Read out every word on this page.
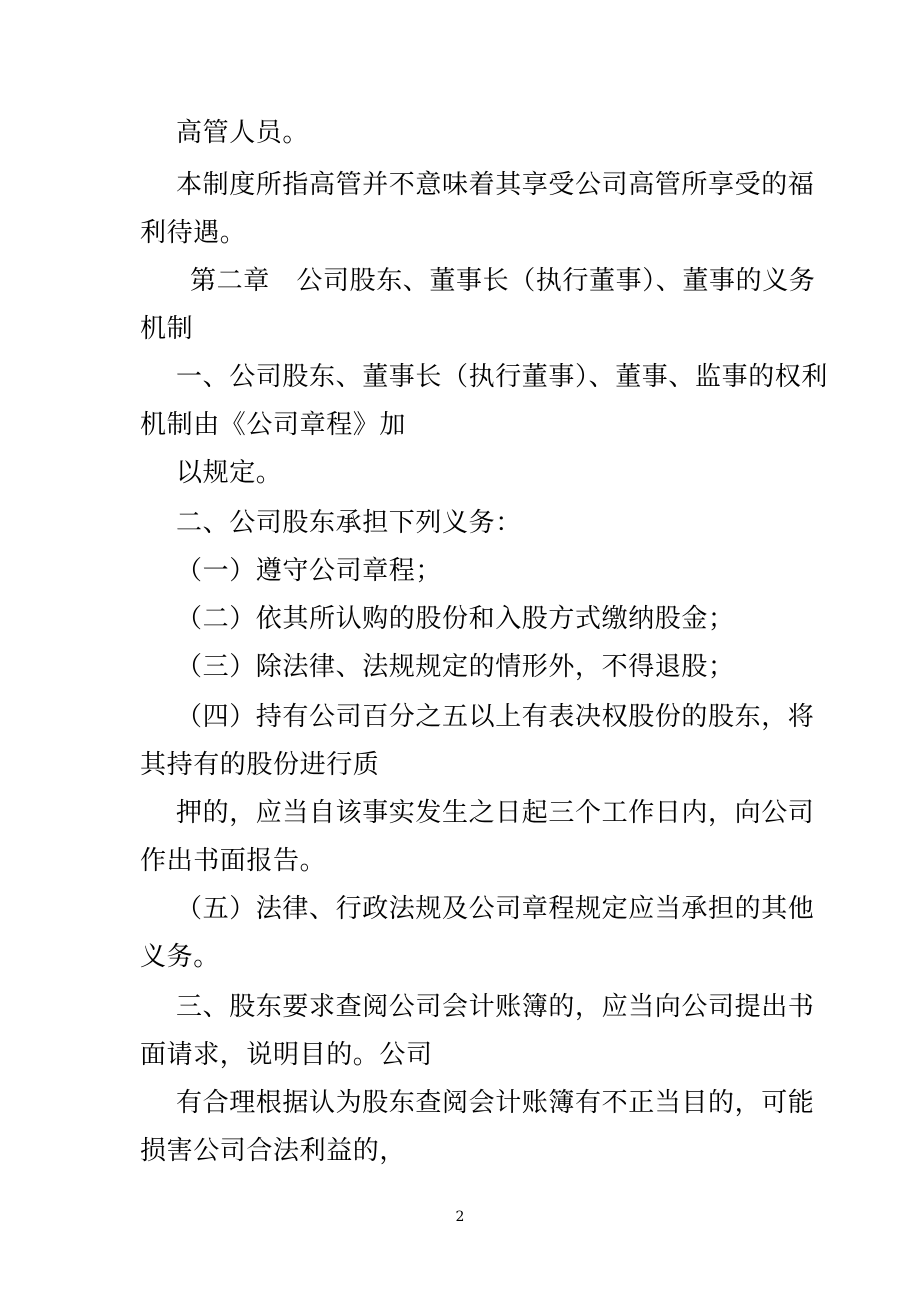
高管人员。
本制度所指高管并不意味着其享受公司高管所享受的福
利待遇。
第二章　公司股东、董事长（执行董事）、董事的义务
机制
一、公司股东、董事长（执行董事）、董事、监事的权利
机制由《公司章程》加
以规定。
二、公司股东承担下列义务：
（一）遵守公司章程；
（二）依其所认购的股份和入股方式缴纳股金；
（三）除法律、法规规定的情形外，不得退股；
（四）持有公司百分之五以上有表决权股份的股东，将
其持有的股份进行质
押的，应当自该事实发生之日起三个工作日内，向公司
作出书面报告。
（五）法律、行政法规及公司章程规定应当承担的其他
义务。
三、股东要求查阅公司会计账簿的，应当向公司提出书
面请求，说明目的。公司
有合理根据认为股东查阅会计账簿有不正当目的，可能
损害公司合法利益的，
2
